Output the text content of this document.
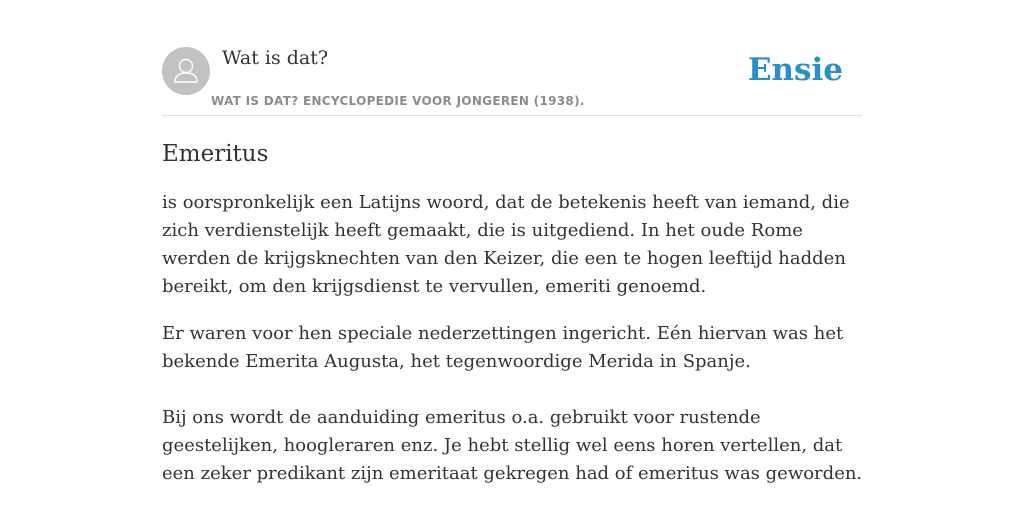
Wat is dat?
WAT IS DAT? ENCYCLOPEDIE VOOR JONGEREN (1938).
Ensie
Emeritus

is oorspronkelijk een Latijns woord, dat de betekenis heeft van iemand, die zich verdienstelijk heeft gemaakt, die is uitgediend. In het oude Rome werden de krijgsknechten van den Keizer, die een te hogen leeftijd hadden bereikt, om den krijgsdienst te vervullen, emeriti genoemd.

Er waren voor hen speciale nederzettingen ingericht. Eén hiervan was het bekende Emerita Augusta, het tegenwoordige Merida in Spanje.

Bij ons wordt de aanduiding emeritus o.a. gebruikt voor rustende geestelijken, hoogleraren enz. Je hebt stellig wel eens horen vertellen, dat een zeker predikant zijn emeritaat gekregen had of emeritus was geworden.
